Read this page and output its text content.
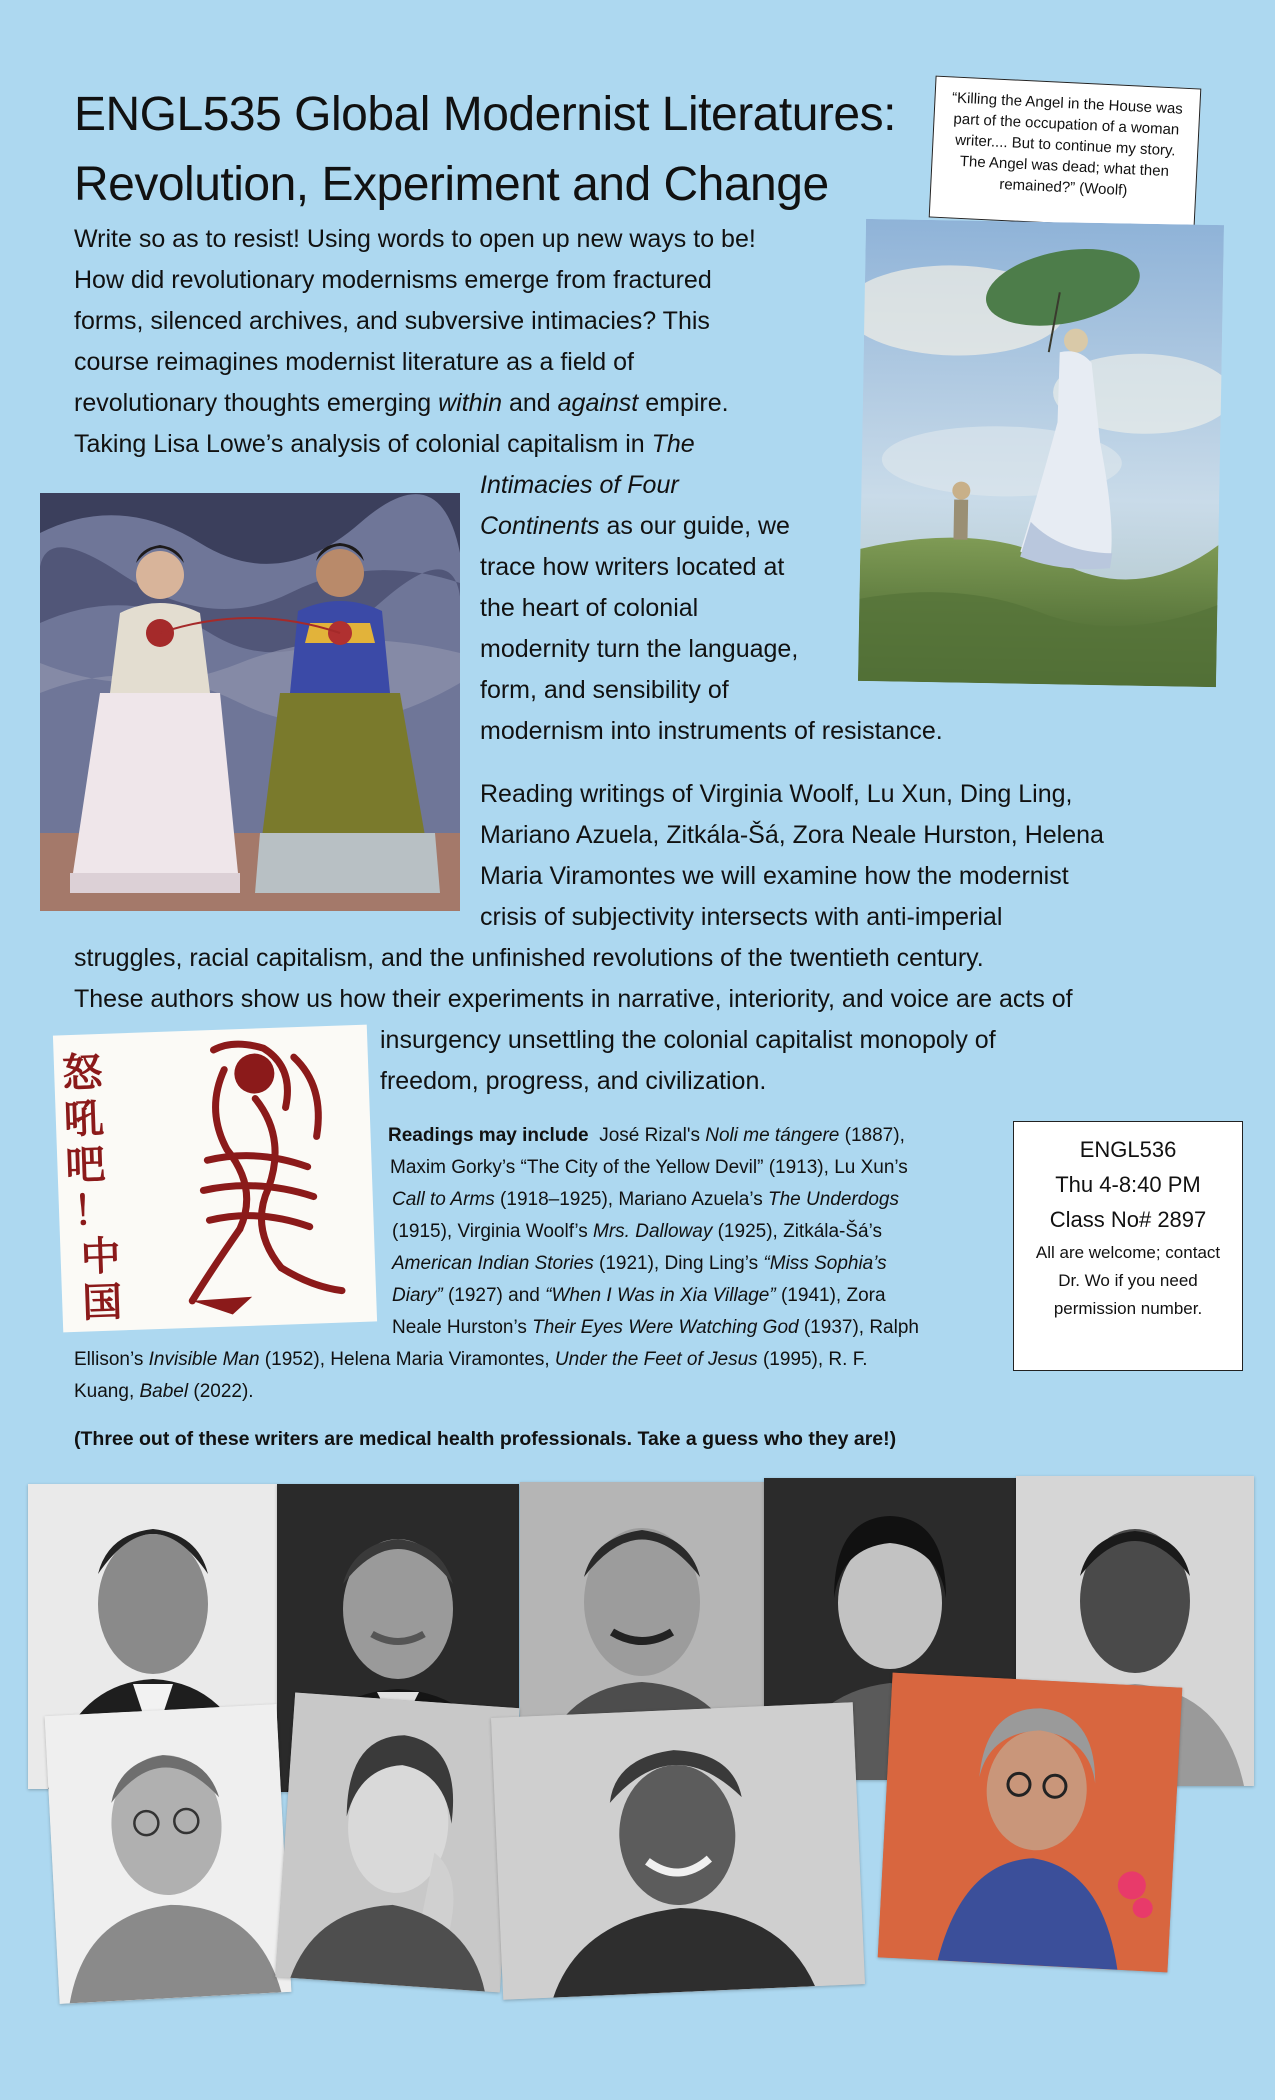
ENGL535 Global Modernist Literatures:
Revolution, Experiment and Change
“Killing the Angel in the House was part of the occupation of a woman writer.... But to continue my story. The Angel was dead; what then remained?” (Woolf)
Write so as to resist! Using words to open up new ways to be!
How did revolutionary modernisms emerge from fractured
forms, silenced archives, and subversive intimacies? This
course reimagines modernist literature as a field of
revolutionary thoughts emerging within and against empire.
Taking Lisa Lowe’s analysis of colonial capitalism in The
Intimacies of Four
Continents as our guide, we
trace how writers located at
the heart of colonial
modernity turn the language,
form, and sensibility of
modernism into instruments of resistance.
Reading writings of Virginia Woolf, Lu Xun, Ding Ling,
Mariano Azuela, Zitkála-Šá, Zora Neale Hurston, Helena
Maria Viramontes we will examine how the modernist
crisis of subjectivity intersects with anti-imperial
struggles, racial capitalism, and the unfinished revolutions of the twentieth century.
These authors show us how their experiments in narrative, interiority, and voice are acts of
insurgency unsettling the colonial capitalist monopoly of
freedom, progress, and civilization.
怒
吼
吧
！
中
国
Readings may include José Rizal's Noli me tángere (1887),
Maxim Gorky’s “The City of the Yellow Devil” (1913), Lu Xun’s
Call to Arms (1918–1925), Mariano Azuela’s The Underdogs
(1915), Virginia Woolf’s Mrs. Dalloway (1925), Zitkála-Šá’s
American Indian Stories (1921), Ding Ling’s “Miss Sophia’s
Diary” (1927) and “When I Was in Xia Village” (1941), Zora
Neale Hurston’s Their Eyes Were Watching God (1937), Ralph
Ellison’s Invisible Man (1952), Helena Maria Viramontes, Under the Feet of Jesus (1995), R. F.
Kuang, Babel (2022).
ENGL536
Thu 4-8:40 PM
Class No# 2897
All are welcome; contact Dr. Wo if you need permission number.
(Three out of these writers are medical health professionals. Take a guess who they are!)
